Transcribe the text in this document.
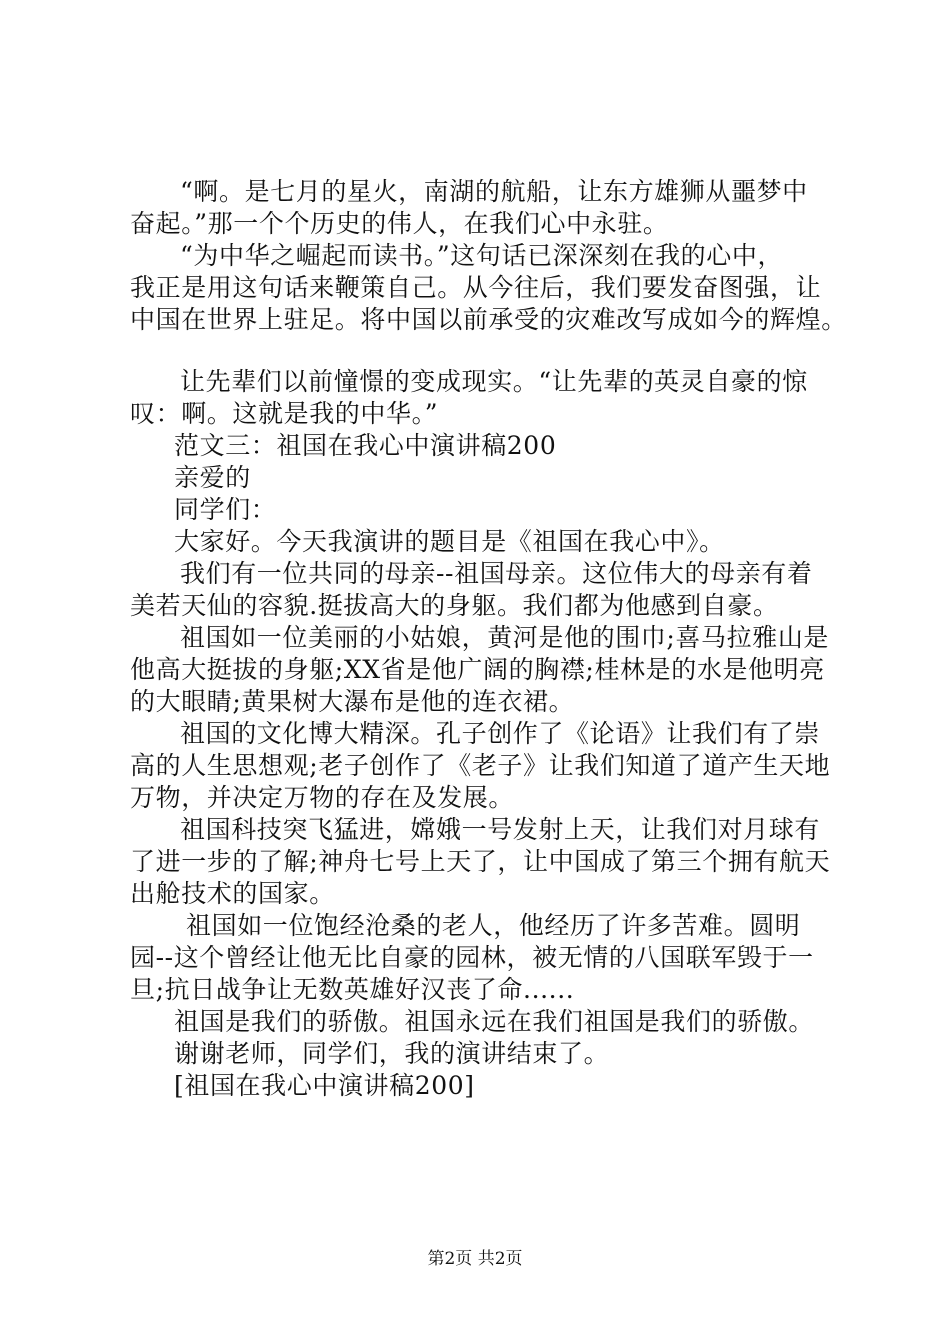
“啊。是七月的星火，南湖的航船，让东方雄狮从噩梦中
奋起。”那一个个历史的伟人，在我们心中永驻。
“为中华之崛起而读书。”这句话已深深刻在我的心中，
我正是用这句话来鞭策自己。从今往后，我们要发奋图强，让
中国在世界上驻足。将中国以前承受的灾难改写成如今的辉煌。
让先辈们以前憧憬的变成现实。“让先辈的英灵自豪的惊
叹：啊。这就是我的中华。”
范文三：祖国在我心中演讲稿200
亲爱的
同学们：
大家好。今天我演讲的题目是《祖国在我心中》。
我们有一位共同的母亲--祖国母亲。这位伟大的母亲有着
美若天仙的容貌.挺拔高大的身躯。我们都为他感到自豪。
祖国如一位美丽的小姑娘，黄河是他的围巾;喜马拉雅山是
他高大挺拔的身躯;XX省是他广阔的胸襟;桂林是的水是他明亮
的大眼睛;黄果树大瀑布是他的连衣裙。
祖国的文化博大精深。孔子创作了《论语》让我们有了崇
高的人生思想观;老子创作了《老子》让我们知道了道产生天地
万物，并决定万物的存在及发展。
祖国科技突飞猛进，嫦娥一号发射上天，让我们对月球有
了进一步的了解;神舟七号上天了，让中国成了第三个拥有航天
出舱技术的国家。
祖国如一位饱经沧桑的老人，他经历了许多苦难。圆明
园--这个曾经让他无比自豪的园林，被无情的八国联军毁于一
旦;抗日战争让无数英雄好汉丧了命......
祖国是我们的骄傲。祖国永远在我们祖国是我们的骄傲。
谢谢老师，同学们，我的演讲结束了。
[祖国在我心中演讲稿200]
第2页 共2页
